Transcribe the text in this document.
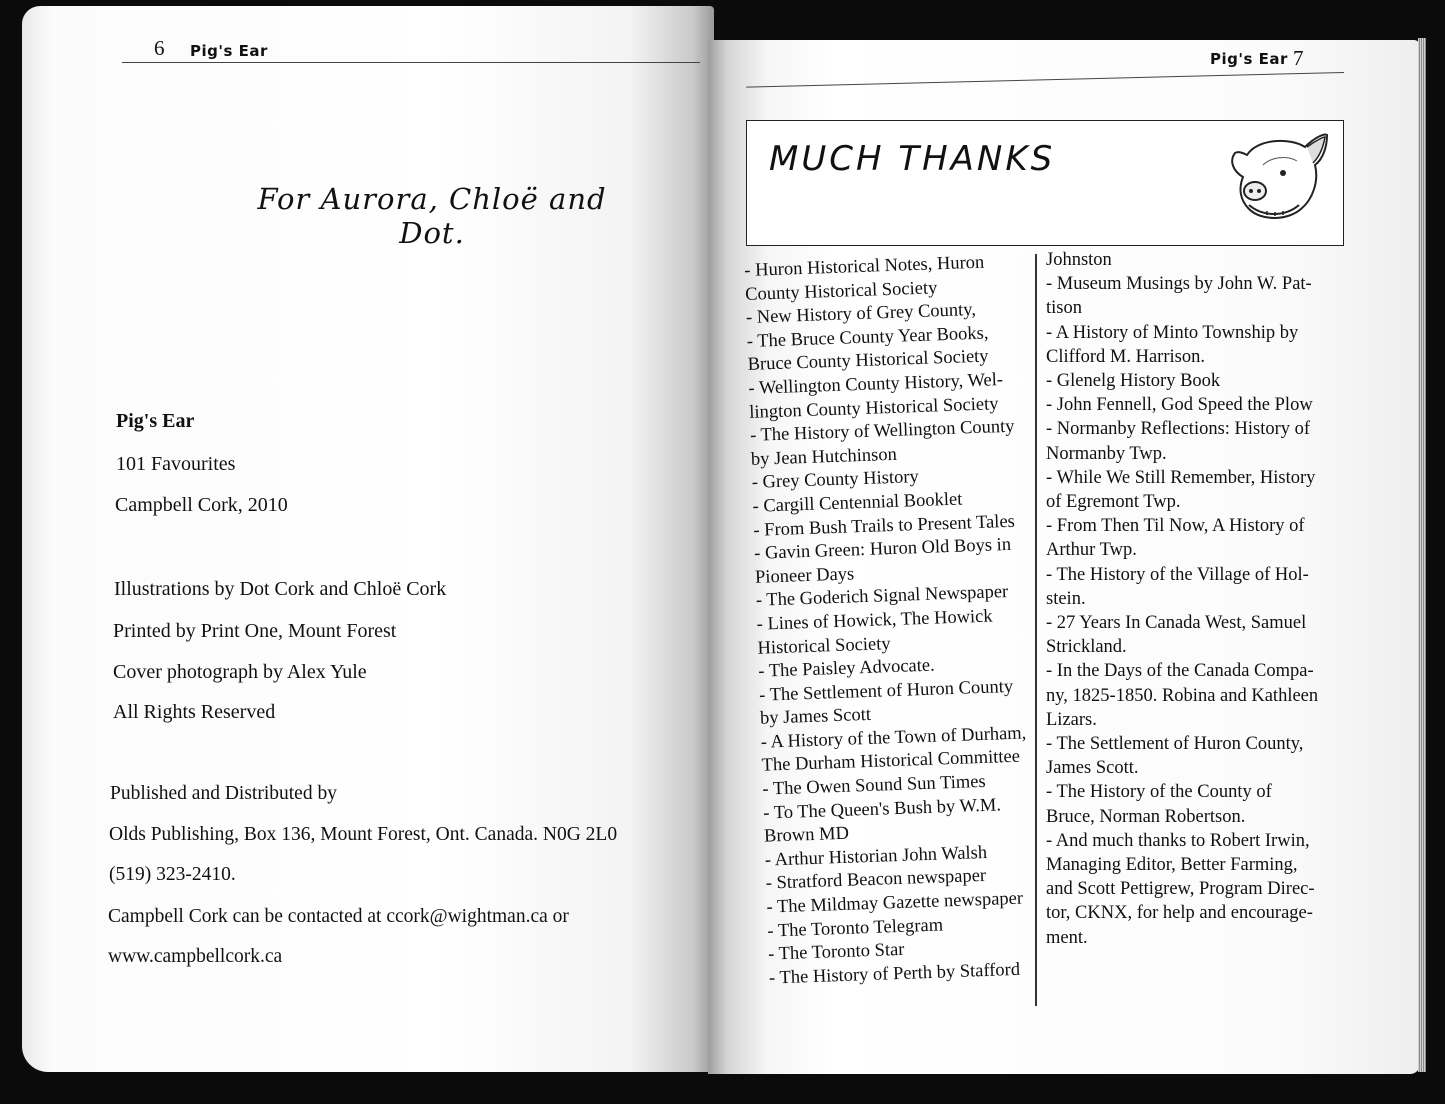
6 Pig's Ear
For Aurora, Chloë and Dot.
Pig's Ear
101 Favourites
Campbell Cork, 2010
Illustrations by Dot Cork and Chloë Cork
Printed by Print One, Mount Forest
Cover photograph by Alex Yule
All Rights Reserved
Published and Distributed by
Olds Publishing, Box 136, Mount Forest, Ont. Canada. N0G 2L0
(519) 323-2410.
Campbell Cork can be contacted at ccork@wightman.ca or
www.campbellcork.ca
Pig's Ear 7
MUCH THANKS
- Huron Historical Notes, Huron
County Historical Society
- New History of Grey County,
- The Bruce County Year Books,
Bruce County Historical Society
- Wellington County History, Wel-
lington County Historical Society
- The History of Wellington County
by Jean Hutchinson
- Grey County History
- Cargill Centennial Booklet
- From Bush Trails to Present Tales
- Gavin Green: Huron Old Boys in
Pioneer Days
- The Goderich Signal Newspaper
- Lines of Howick, The Howick
Historical Society
- The Paisley Advocate.
- The Settlement of Huron County
by James Scott
- A History of the Town of Durham,
The Durham Historical Committee
- The Owen Sound Sun Times
- To The Queen's Bush by W.M.
Brown MD
- Arthur Historian John Walsh
- Stratford Beacon newspaper
- The Mildmay Gazette newspaper
- The Toronto Telegram
- The Toronto Star
- The History of Perth by Stafford
Johnston
- Museum Musings by John W. Pat-
tison
- A History of Minto Township by
Clifford M. Harrison.
- Glenelg History Book
- John Fennell, God Speed the Plow
- Normanby Reflections: History of
Normanby Twp.
- While We Still Remember, History
of Egremont Twp.
- From Then Til Now, A History of
Arthur Twp.
- The History of the Village of Hol-
stein.
- 27 Years In Canada West, Samuel
Strickland.
- In the Days of the Canada Compa-
ny, 1825-1850. Robina and Kathleen
Lizars.
- The Settlement of Huron County,
James Scott.
- The History of the County of
Bruce, Norman Robertson.
- And much thanks to Robert Irwin,
Managing Editor, Better Farming,
and Scott Pettigrew, Program Direc-
tor, CKNX, for help and encourage-
ment.
